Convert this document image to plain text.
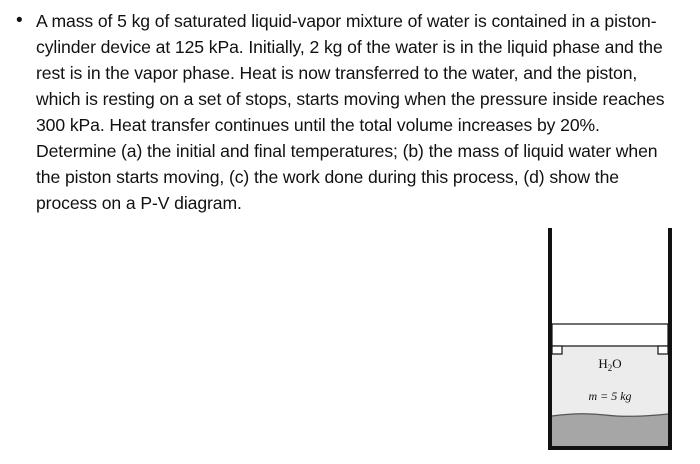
• A mass of 5 kg of saturated liquid-vapor mixture of water is contained in a piston-cylinder device at 125 kPa. Initially, 2 kg of the water is in the liquid phase and the rest is in the vapor phase. Heat is now transferred to the water, and the piston, which is resting on a set of stops, starts moving when the pressure inside reaches 300 kPa. Heat transfer continues until the total volume increases by 20%. Determine (a) the initial and final temperatures; (b) the mass of liquid water when the piston starts moving, (c) the work done during this process, (d) show the process on a P-V diagram.
$H_2O$
m = 5 kg
